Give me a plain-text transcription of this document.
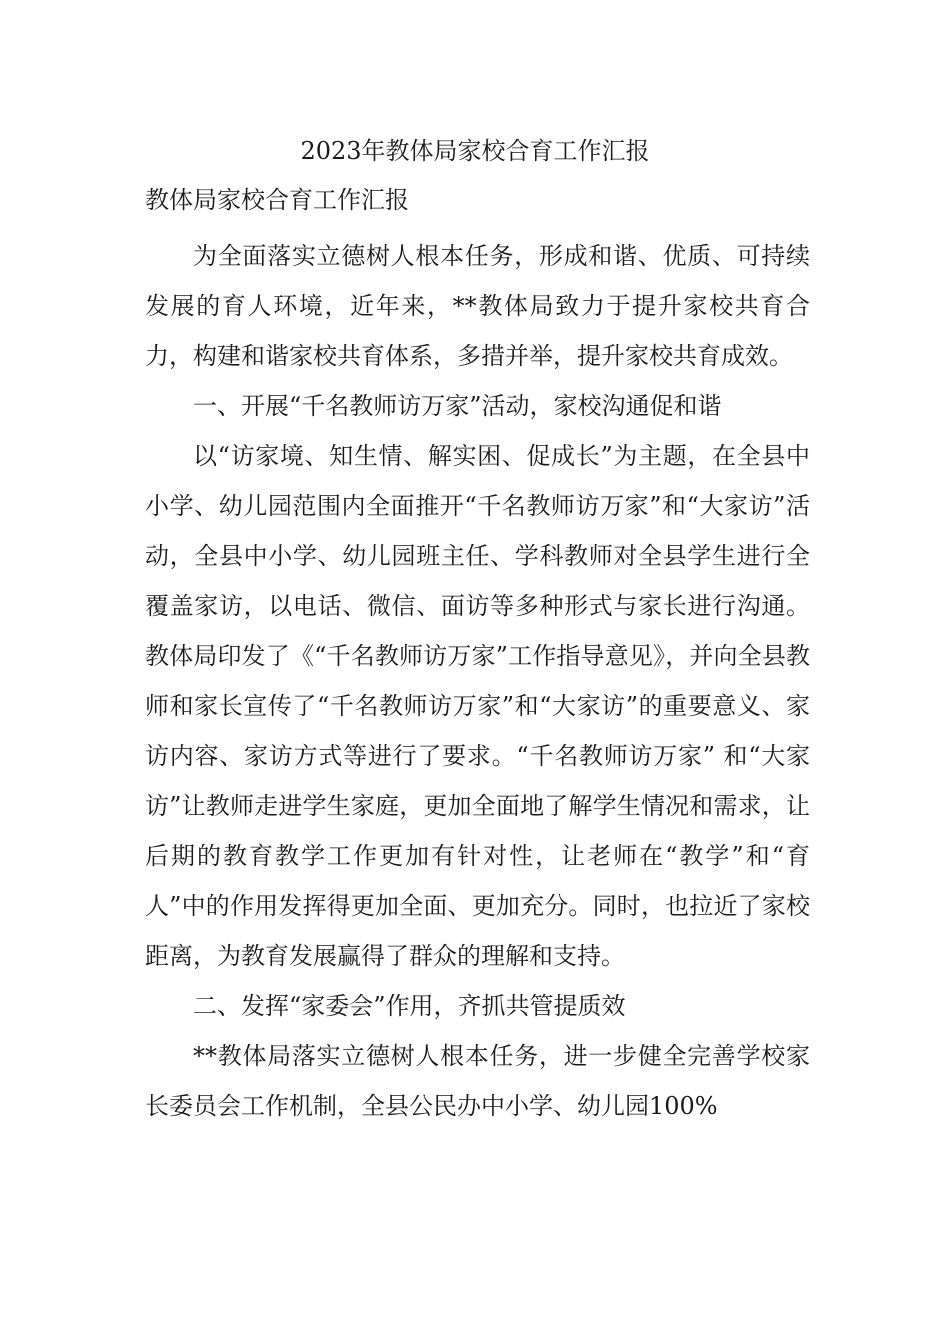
2023年教体局家校合育工作汇报
教体局家校合育工作汇报

为全面落实立德树人根本任务，形成和谐、优质、可持续发展的育人环境，近年来，**教体局致力于提升家校共育合力，构建和谐家校共育体系，多措并举，提升家校共育成效。

一、开展“千名教师访万家”活动，家校沟通促和谐

以“访家境、知生情、解实困、促成长”为主题，在全县中小学、幼儿园范围内全面推开“千名教师访万家”和“大家访”活动，全县中小学、幼儿园班主任、学科教师对全县学生进行全覆盖家访，以电话、微信、面访等多种形式与家长进行沟通。教体局印发了《“千名教师访万家”工作指导意见》，并向全县教师和家长宣传了“千名教师访万家”和“大家访”的重要意义、家访内容、家访方式等进行了要求。“千名教师访万家” 和“大家访”让教师走进学生家庭，更加全面地了解学生情况和需求，让后期的教育教学工作更加有针对性，让老师在“教学”和“育人”中的作用发挥得更加全面、更加充分。同时，也拉近了家校距离，为教育发展赢得了群众的理解和支持。

二、发挥“家委会”作用，齐抓共管提质效

**教体局落实立德树人根本任务，进一步健全完善学校家长委员会工作机制，全县公民办中小学、幼儿园100%
